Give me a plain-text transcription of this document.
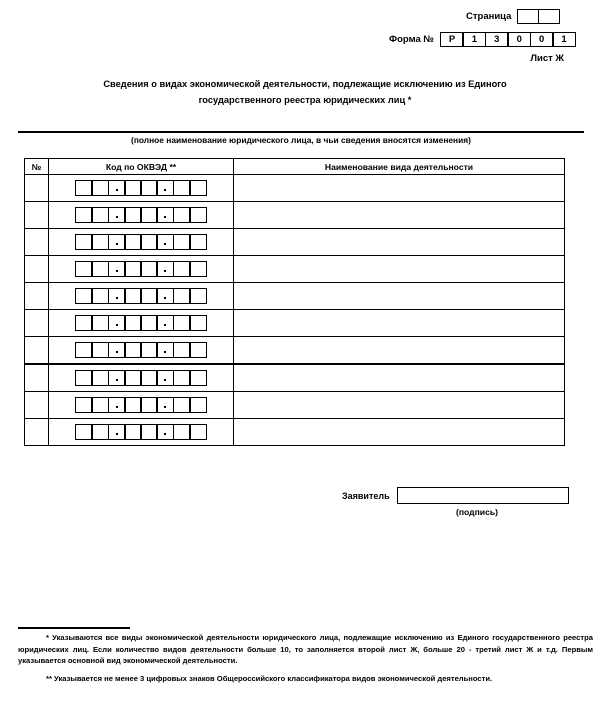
Страница
Форма №	Р	1	3	0	0	1
Лист Ж
Сведения о видах экономической деятельности, подлежащие исключению из Единого
государственного реестра юридических лиц *
(полное наименование юридического лица, в чьи сведения вносятся изменения)
№	Код по ОКВЭД **	Наименование вида деятельности
Заявитель
(подпись)
* Указываются все виды экономической деятельности юридического лица, подлежащие исключению из Единого государственного реестра юридических лиц. Если количество видов деятельности больше 10, то заполняется второй лист Ж, больше 20 - третий лист Ж и т.д. Первым указывается основной вид экономической деятельности.
** Указывается не менее 3 цифровых знаков Общероссийского классификатора видов экономической деятельности.
